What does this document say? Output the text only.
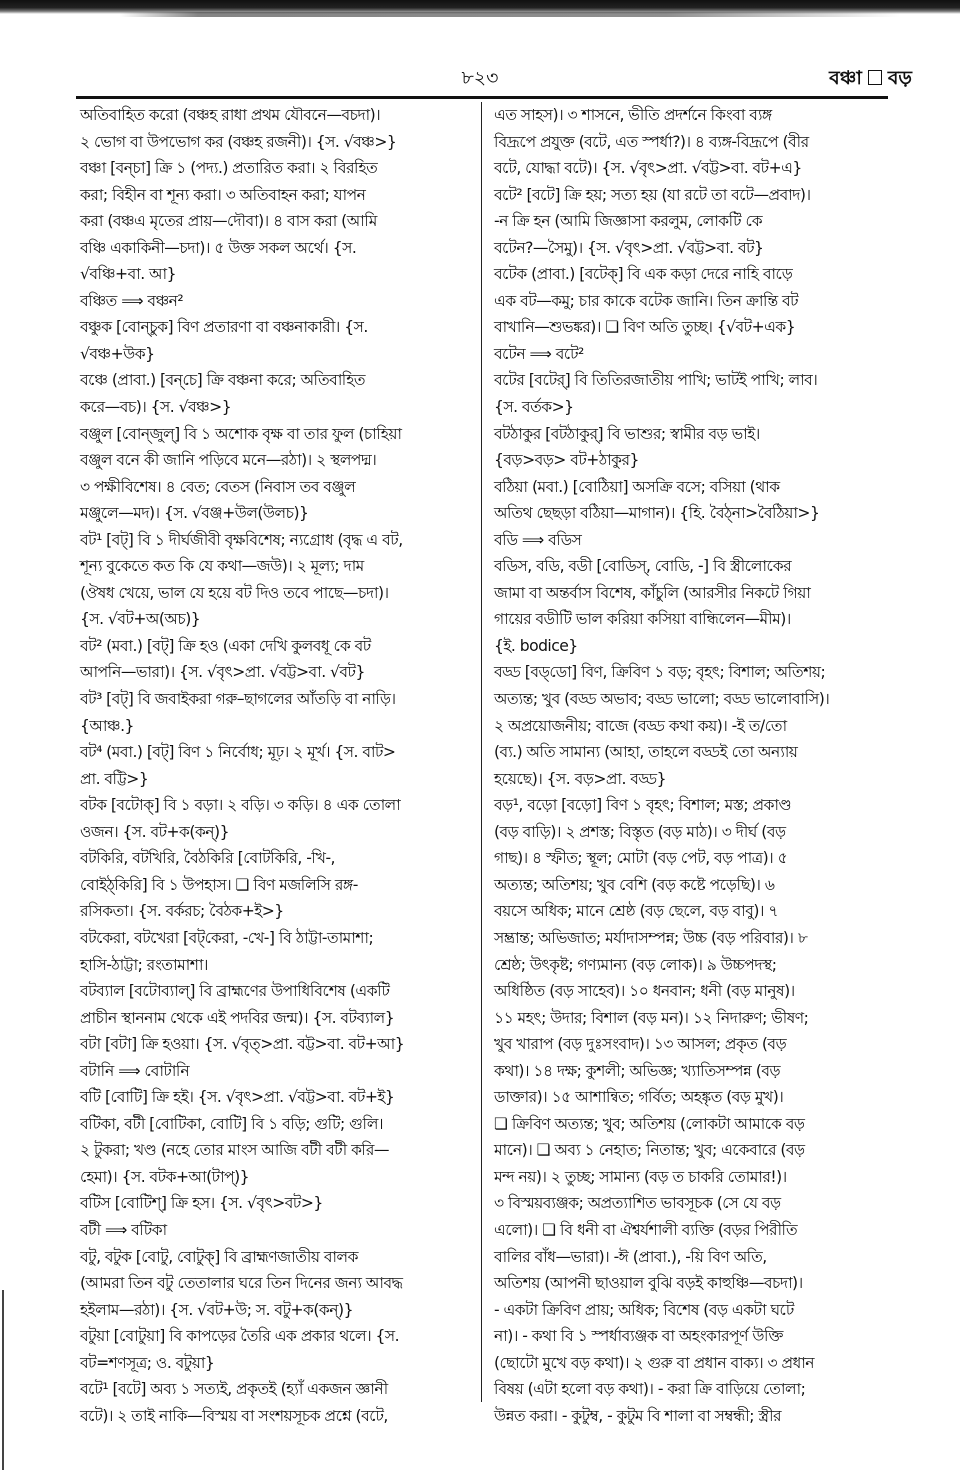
৮২৩	বঞ্চা বড়
অতিবাহিত করো (বঞ্চহ রাধা প্রথম যৌবনে—বচদা)।
২ ভোগ বা উপভোগ কর (বঞ্চহ রজনী)। {স. √বঞ্চ>}
বঞ্চা [বন্‌চা] ক্রি ১ (পদ্য.) প্রতারিত করা। ২ বিরহিত
করা; বিহীন বা শূন্য করা। ৩ অতিবাহন করা; যাপন
করা (বঞ্চএ মৃতের প্রায়—দৌবা)। ৪ বাস করা (আমি
বঞ্চি একাকিনী—চদা)। ৫ উক্ত সকল অর্থে। {স.
√বঞ্চি+বা. আ}
বঞ্চিত ⟹ বঞ্চন²
বঞ্চুক [বোন্‌চুক] বিণ প্রতারণা বা বঞ্চনাকারী। {স.
√বঞ্চ+উক}
বঞ্চে (প্রাবা.) [বন্‌চে] ক্রি বঞ্চনা করে; অতিবাহিত
করে—বচ)। {স. √বঞ্চ>}
বঞ্জুল [বোন্‌জুল্] বি ১ অশোক বৃক্ষ বা তার ফুল (চাহিয়া
বঞ্জুল বনে কী জানি পড়িবে মনে—রঠা)। ২ স্থলপদ্ম।
৩ পক্ষীবিশেষ। ৪ বেত; বেতস (নিবাস তব বঞ্জুল
মঞ্জুলে—মদ)। {স. √বঞ্জ+উল(উলচ)}
বট¹ [বট্] বি ১ দীর্ঘজীবী বৃক্ষবিশেষ; ন্যগ্রোধ (বৃদ্ধ এ বট,
শূন্য বুকেতে কত কি যে কথা—জউ)। ২ মূল্য; দাম
(ঔষধ খেয়ে, ভাল যে হয়ে বট দিও তবে পাছে—চদা)।
{স. √বট+অ(অচ)}
বট² (মবা.) [বট্] ক্রি হও (একা দেখি কুলবধূ কে বট
আপনি—ভারা)। {স. √বৃৎ>প্রা. √বট্ট>বা. √বট}
বট³ [বট্] বি জবাইকরা গরু–ছাগলের আঁতড়ি বা নাড়ি।
{আঞ্চ.}
বট⁴ (মবা.) [বট্] বিণ ১ নির্বোধ; মূঢ়। ২ মূর্খ। {স. বাট>
প্রা. বট্টি>}
বটক [বটোক্] বি ১ বড়া। ২ বড়ি। ৩ কড়ি। ৪ এক তোলা
ওজন। {স. বট+ক(কন্)}
বটকিরি, বটখিরি, বৈঠকিরি [বোটকিরি, -খি-,
বোইঠ্‌কিরি] বি ১ উপহাস। ❏ বিণ মজলিসি রঙ্গ-
রসিকতা। {স. বর্করচ; বৈঠক+ই>}
বটকেরা, বটখেরা [বট্‌কেরা, -খে-] বি ঠাট্টা-তামাশা;
হাসি-ঠাট্টা; রংতামাশা।
বটব্যাল [বটোব্যাল্] বি ব্রাহ্মণের উপাধিবিশেষ (একটি
প্রাচীন স্থাননাম থেকে এই পদবির জন্ম)। {স. বটব্যাল}
বটা [বটা] ক্রি হওয়া। {স. √বৃত্>প্রা. বট্ট>বা. বট+আ}
বটানি ⟹ বোটানি
বটি [বোটি] ক্রি হই। {স. √বৃৎ>প্রা. √বট্ট>বা. বট+ই}
বটিকা, বটী [বোটিকা, বোটি] বি ১ বড়ি; গুটি; গুলি।
২ টুকরা; খণ্ড (নহে তোর মাংস আজি বটী বটী করি—
হেমা)। {স. বটক+আ(টাপ্)}
বটিস [বোটিশ্] ক্রি হস। {স. √বৃৎ>বট>}
বটী ⟹ বটিকা
বটু, বটুক [বোটু, বোটুক্] বি ব্রাহ্মণজাতীয় বালক
(আমরা তিন বটু তেতালার ঘরে তিন দিনের জন্য আবদ্ধ
হইলাম—রঠা)। {স. √বট+উ; স. বটু+ক(কন্)}
বটুয়া [বোটুয়া] বি কাপড়ের তৈরি এক প্রকার থলে। {স.
বট=শণসূত্র; ও. বটুয়া}
বটে¹ [বটে] অব্য ১ সত্যই, প্রকৃতই (হ্যাঁ একজন জ্ঞানী
বটে)। ২ তাই নাকি—বিস্ময় বা সংশয়সূচক প্রশ্নে (বটে,
এত সাহস)। ৩ শাসনে, ভীতি প্রদর্শনে কিংবা ব্যঙ্গ
বিদ্রূপে প্রযুক্ত (বটে, এত স্পর্ধা?)। ৪ ব্যঙ্গ-বিদ্রূপে (বীর
বটে, যোদ্ধা বটে)। {স. √বৃৎ>প্রা. √বট্ট>বা. বট+এ}
বটে² [বটে] ক্রি হয়; সত্য হয় (যা রটে তা বটে—প্রবাদ)।
-ন ক্রি হন (আমি জিজ্ঞাসা করলুম, লোকটি কে
বটেন?—সৈমু)। {স. √বৃৎ>প্রা. √বট্ট>বা. বট}
বটেক (প্রাবা.) [বটেক্] বি এক কড়া দেরে নাহি বাড়ে
এক বট—কমু; চার কাকে বটেক জানি। তিন ক্রান্তি বট
বাখানি—শুভঙ্কর)। ❏ বিণ অতি তুচ্ছ। {√বট+এক}
বটেন ⟹ বটে²
বটের [বটের্] বি তিতিরজাতীয় পাখি; ভাটই পাখি; লাব।
{স. বর্তক>}
বটঠাকুর [বটঠাকুর্] বি ভাশুর; স্বামীর বড় ভাই।
{বড়>বড়> বট+ঠাকুর}
বঠিয়া (মবা.) [বোঠিয়া] অসক্রি বসে; বসিয়া (থাক
অতিথ ছেছড়া বঠিয়া—মাগান)। {হি. বৈঠ্‌না>বৈঠিয়া>}
বডি ⟹ বডিস
বডিস, বডি, বডী [বোডিস্, বোডি, -] বি স্ত্রীলোকের
জামা বা অন্তর্বাস বিশেষ, কাঁচুলি (আরসীর নিকটে গিয়া
গায়ের বডীটি ভাল করিয়া কসিয়া বান্ধিলেন—মীম)।
{ই. bodice}
বড্ড [বড্‌ডো] বিণ, ক্রিবিণ ১ বড়; বৃহৎ; বিশাল; অতিশয়;
অত্যন্ত; খুব (বড্ড অভাব; বড্ড ভালো; বড্ড ভালোবাসি)।
২ অপ্রয়োজনীয়; বাজে (বড্ড কথা কয়)। -ই ত/তো
(ব্য.) অতি সামান্য (আহা, তাহলে বড্ডই তো অন্যায়
হয়েছে)। {স. বড়>প্রা. বড্ড}
বড়¹, বড়ো [বড়ো] বিণ ১ বৃহৎ; বিশাল; মস্ত; প্রকাণ্ড
(বড় বাড়ি)। ২ প্রশস্ত; বিস্তৃত (বড় মাঠ)। ৩ দীর্ঘ (বড়
গাছ)। ৪ স্ফীত; স্থূল; মোটা (বড় পেট, বড় পাত্র)। ৫
অত্যন্ত; অতিশয়; খুব বেশি (বড় কষ্টে পড়েছি)। ৬
বয়সে অধিক; মানে শ্রেষ্ঠ (বড় ছেলে, বড় বাবু)। ৭
সম্ভ্রান্ত; অভিজাত; মর্যাদাসম্পন্ন; উচ্চ (বড় পরিবার)। ৮
শ্রেষ্ঠ; উৎকৃষ্ট; গণ্যমান্য (বড় লোক)। ৯ উচ্চপদস্থ;
অধিষ্ঠিত (বড় সাহেব)। ১০ ধনবান; ধনী (বড় মানুষ)।
১১ মহৎ; উদার; বিশাল (বড় মন)। ১২ নিদারুণ; ভীষণ;
খুব খারাপ (বড় দুঃসংবাদ)। ১৩ আসল; প্রকৃত (বড়
কথা)। ১৪ দক্ষ; কুশলী; অভিজ্ঞ; খ্যাতিসম্পন্ন (বড়
ডাক্তার)। ১৫ আশান্বিত; গর্বিত; অহঙ্কৃত (বড় মুখ)।
❏ ক্রিবিণ অত্যন্ত; খুব; অতিশয় (লোকটা আমাকে বড়
মানে)। ❏ অব্য ১ নেহাত; নিতান্ত; খুব; একেবারে (বড়
মন্দ নয়)। ২ তুচ্ছ; সামান্য (বড় ত চাকরি তোমার!)।
৩ বিস্ময়ব্যঞ্জক; অপ্রত্যাশিত ভাবসূচক (সে যে বড়
এলো)। ❏ বি ধনী বা ঐশ্বর্যশালী ব্যক্তি (বড়র পিরীতি
বালির বাঁধ—ভারা)। -ঈ (প্রাবা.), -য়ি বিণ অতি,
অতিশয় (আপনী ছাওয়াল বুঝি বড়ই কাহুঞ্চি—বচদা)।
- একটা ক্রিবিণ প্রায়; অধিক; বিশেষ (বড় একটা ঘটে
না)। - কথা বি ১ স্পর্ধাব্যঞ্জক বা অহংকারপূর্ণ উক্তি
(ছোটো মুখে বড় কথা)। ২ গুরু বা প্রধান বাক্য। ৩ প্রধান
বিষয় (এটা হলো বড় কথা)। - করা ক্রি বাড়িয়ে তোলা;
উন্নত করা। - কুটুম্ব, - কুটুম বি শালা বা সম্বন্ধী; স্ত্রীর
